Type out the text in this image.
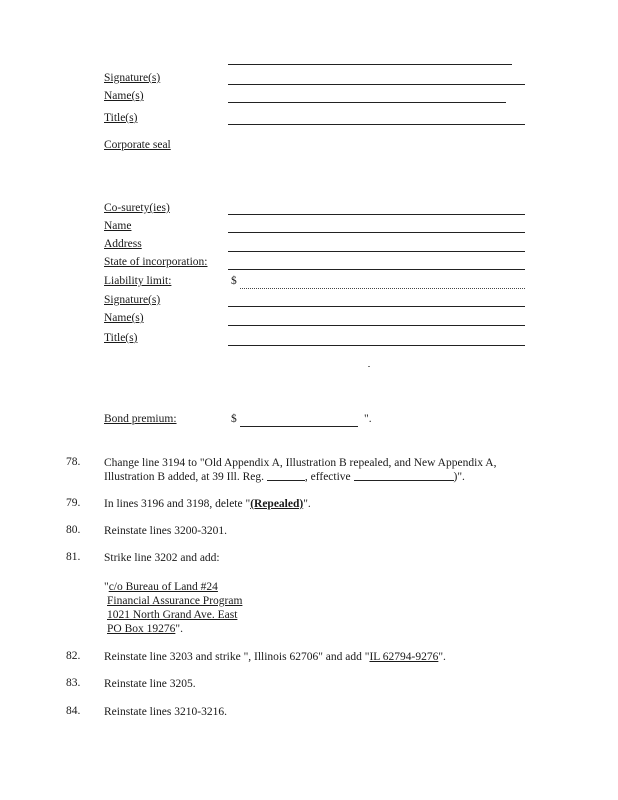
Signature(s)
Name(s)
Title(s)
Corporate seal
Co-surety(ies)
Name
Address
State of incorporation:
Liability limit:	$
Signature(s)
Name(s)
Title(s)
Bond premium:	$	".
78. Change line 3194 to "Old Appendix A, Illustration B repealed, and New Appendix A,
Illustration B added, at 39 Ill. Reg.	, effective	)".
79. In lines 3196 and 3198, delete "(Repealed)".
80. Reinstate lines 3200-3201.
81. Strike line 3202 and add:
"c/o Bureau of Land #24
Financial Assurance Program
1021 North Grand Ave. East
PO Box 19276".
82. Reinstate line 3203 and strike ", Illinois 62706" and add "IL 62794-9276".
83. Reinstate line 3205.
84. Reinstate lines 3210-3216.
